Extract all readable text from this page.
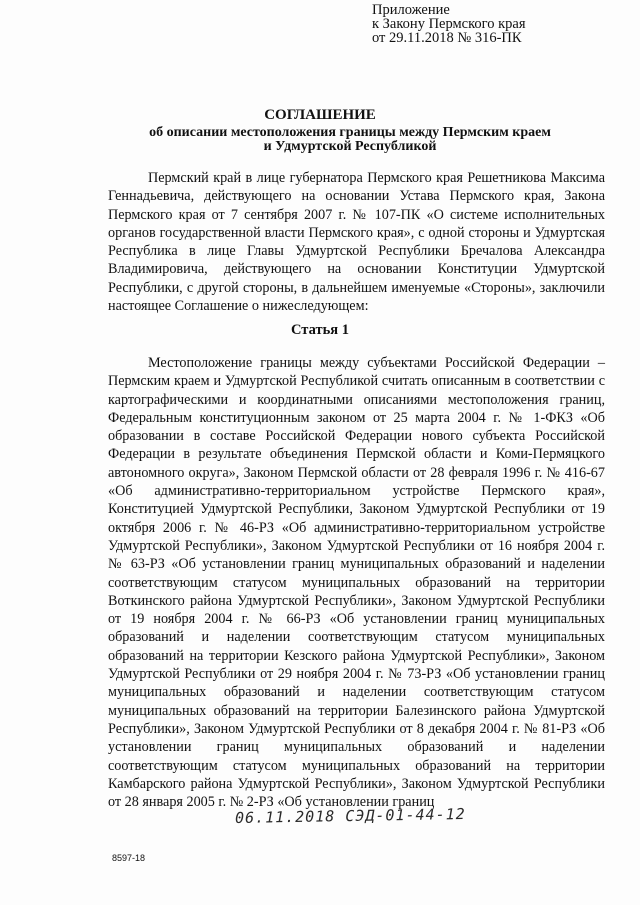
Приложение
к Закону Пермского края
от 29.11.2018 № 316-ПК
СОГЛАШЕНИЕ
об описании местоположения границы между Пермским краем
и Удмуртской Республикой

Пермский край в лице губернатора Пермского края Решетникова Максима Геннадьевича, действующего на основании Устава Пермского края, Закона Пермского края от 7 сентября 2007 г. № 107-ПК «О системе исполнительных органов государственной власти Пермского края», с одной стороны и Удмуртская Республика в лице Главы Удмуртской Республики Бречалова Александра Владимировича, действующего на основании Конституции Удмуртской Республики, с другой стороны, в дальнейшем именуемые «Стороны», заключили настоящее Соглашение о нижеследующем:

Статья 1

Местоположение границы между субъектами Российской Федерации – Пермским краем и Удмуртской Республикой считать описанным в соответствии с картографическими и координатными описаниями местоположения границ, Федеральным конституционным законом от 25 марта 2004 г. № 1-ФКЗ «Об образовании в составе Российской Федерации нового субъекта Российской Федерации в результате объединения Пермской области и Коми-Пермяцкого автономного округа», Законом Пермской области от 28 февраля 1996 г. № 416-67 «Об административно-территориальном устройстве Пермского края», Конституцией Удмуртской Республики, Законом Удмуртской Республики от 19 октября 2006 г. № 46-РЗ «Об административно-территориальном устройстве Удмуртской Республики», Законом Удмуртской Республики от 16 ноября 2004 г. № 63-РЗ «Об установлении границ муниципальных образований и наделении соответствующим статусом муниципальных образований на территории Воткинского района Удмуртской Республики», Законом Удмуртской Республики от 19 ноября 2004 г. № 66-РЗ «Об установлении границ муниципальных образований и наделении соответствующим статусом муниципальных образований на территории Кезского района Удмуртской Республики», Законом Удмуртской Республики от 29 ноября 2004 г. № 73-РЗ «Об установлении границ муниципальных образований и наделении соответствующим статусом муниципальных образований на территории Балезинского района Удмуртской Республики», Законом Удмуртской Республики от 8 декабря 2004 г. № 81-РЗ «Об установлении границ муниципальных образований и наделении соответствующим статусом муниципальных образований на территории Камбарского района Удмуртской Республики», Законом Удмуртской Республики от 28 января 2005 г. № 2-РЗ «Об установлении границ

06.11.2018 СЭД-01-44-12
8597-18
